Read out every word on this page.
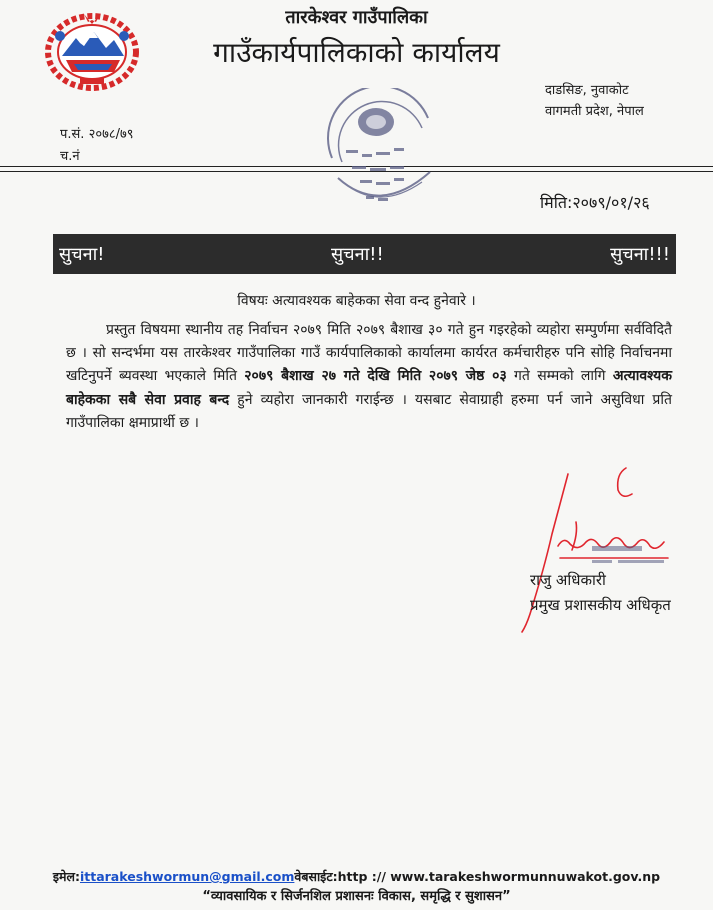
तारकेश्वर गाउँपालिका
गाउँकार्यपालिकाको कार्यालय
दाडसिङ, नुवाकोट
वागमती प्रदेश, नेपाल
प.सं. २०७८/७९
च.नं
मिति:२०७९/०१/२६
सुचना!	सुचना!!	सुचना!!!
विषयः अत्यावश्यक बाहेकका सेवा वन्द हुनेवारे ।

प्रस्तुत विषयमा स्थानीय तह निर्वाचन २०७९ मिति २०७९ बैशाख ३० गते हुन गइरहेको व्यहोरा सम्पुर्णमा सर्वविदितै छ । सो सन्दर्भमा यस तारकेश्वर गाउँपालिका गाउँ कार्यपालिकाको कार्यालमा कार्यरत कर्मचारीहरु पनि सोहि निर्वाचनमा खटिनुपर्ने ब्यवस्था भएकाले मिति २०७९ बैशाख २७ गते देखि मिति २०७९ जेष्ठ ०३ गते सम्मको लागि अत्यावश्यक बाहेकका सबै सेवा प्रवाह बन्द हुने व्यहोरा जानकारी गराईन्छ । यसबाट सेवाग्राही हरुमा पर्न जाने असुविधा प्रति गाउँपालिका क्षमाप्रार्थी छ ।

राजु अधिकारी
प्रमुख प्रशासकीय अधिकृत
इमेल:ittarakeshwormun@gmail.comवेबसाईट:http :// www.tarakeshwormunnuwakot.gov.np
“व्यावसायिक र सिर्जनशिल प्रशासनः विकास, समृद्धि र सुशासन”
